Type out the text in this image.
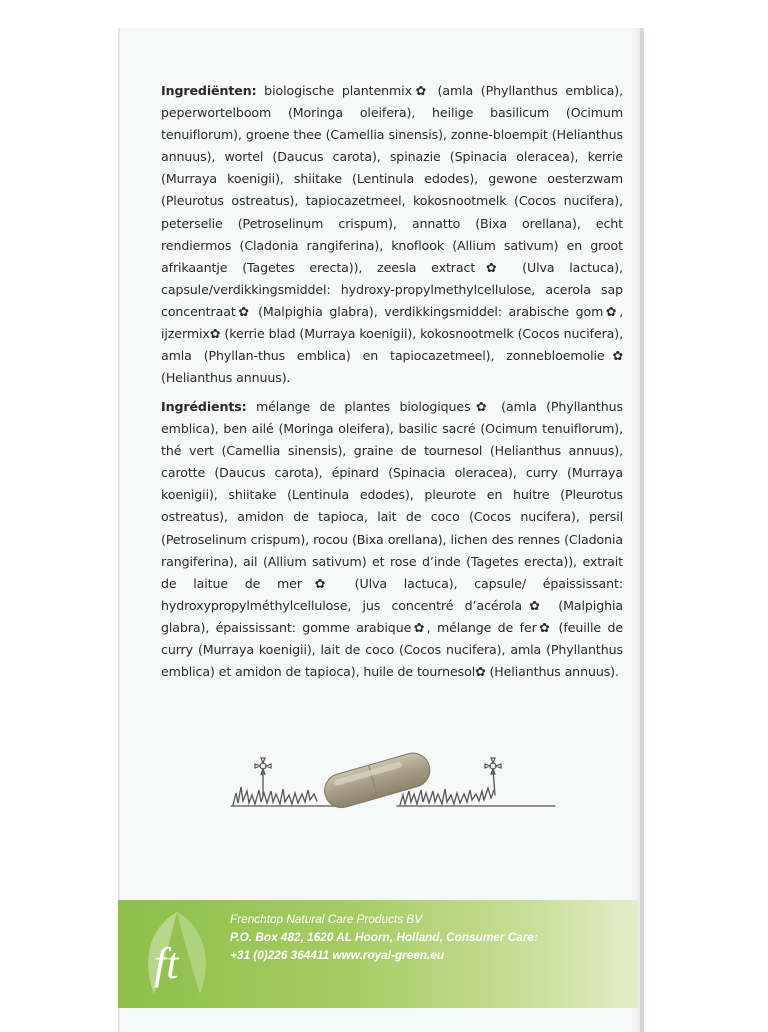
Ingrediënten: biologische plantenmix✿ (amla (Phyllanthus emblica), peperwortelboom (Moringa oleifera), heilige basilicum (Ocimum tenuiflorum), groene thee (Camellia sinensis), zonne-bloempit (Helianthus annuus), wortel (Daucus carota), spinazie (Spinacia oleracea), kerrie (Murraya koenigii), shiitake (Lentinula edodes), gewone oesterzwam (Pleurotus ostreatus), tapiocazetmeel, kokosnootmelk (Cocos nucifera), peterselie (Petroselinum crispum), annatto (Bixa orellana), echt rendiermos (Cladonia rangiferina), knoflook (Allium sativum) en groot afrikaantje (Tagetes erecta)), zeesla extract✿ (Ulva lactuca), capsule/verdikkingsmiddel: hydroxy-propylmethylcellulose, acerola sap concentraat✿ (Malpighia glabra), verdikkingsmiddel: arabische gom✿, ijzermix✿ (kerrie blad (Murraya koenigii), kokosnootmelk (Cocos nucifera), amla (Phyllan-thus emblica) en tapiocazetmeel), zonnebloemolie✿ (Helianthus annuus).

Ingrédients: mélange de plantes biologiques✿ (amla (Phyllanthus emblica), ben ailé (Moringa oleifera), basilic sacré (Ocimum tenuiflorum), thé vert (Camellia sinensis), graine de tournesol (Helianthus annuus), carotte (Daucus carota), épinard (Spinacia oleracea), curry (Murraya koenigii), shiitake (Lentinula edodes), pleurote en huitre (Pleurotus ostreatus), amidon de tapioca, lait de coco (Cocos nucifera), persil (Petroselinum crispum), rocou (Bixa orellana), lichen des rennes (Cladonia rangiferina), ail (Allium sativum) et rose d’inde (Tagetes erecta)), extrait de laitue de mer✿ (Ulva lactuca), capsule/ épaississant: hydroxypropylméthylcellulose, jus concentré d’acérola✿ (Malpighia glabra), épaississant: gomme arabique✿, mélange de fer✿ (feuille de curry (Murraya koenigii), lait de coco (Cocos nucifera), amla (Phyllanthus emblica) et amidon de tapioca), huile de tournesol✿ (Helianthus annuus).

ft

Frenchtop Natural Care Products BV
P.O. Box 482, 1620 AL Hoorn, Holland, Consumer Care:
+31 (0)226 364411 www.royal-green.eu
